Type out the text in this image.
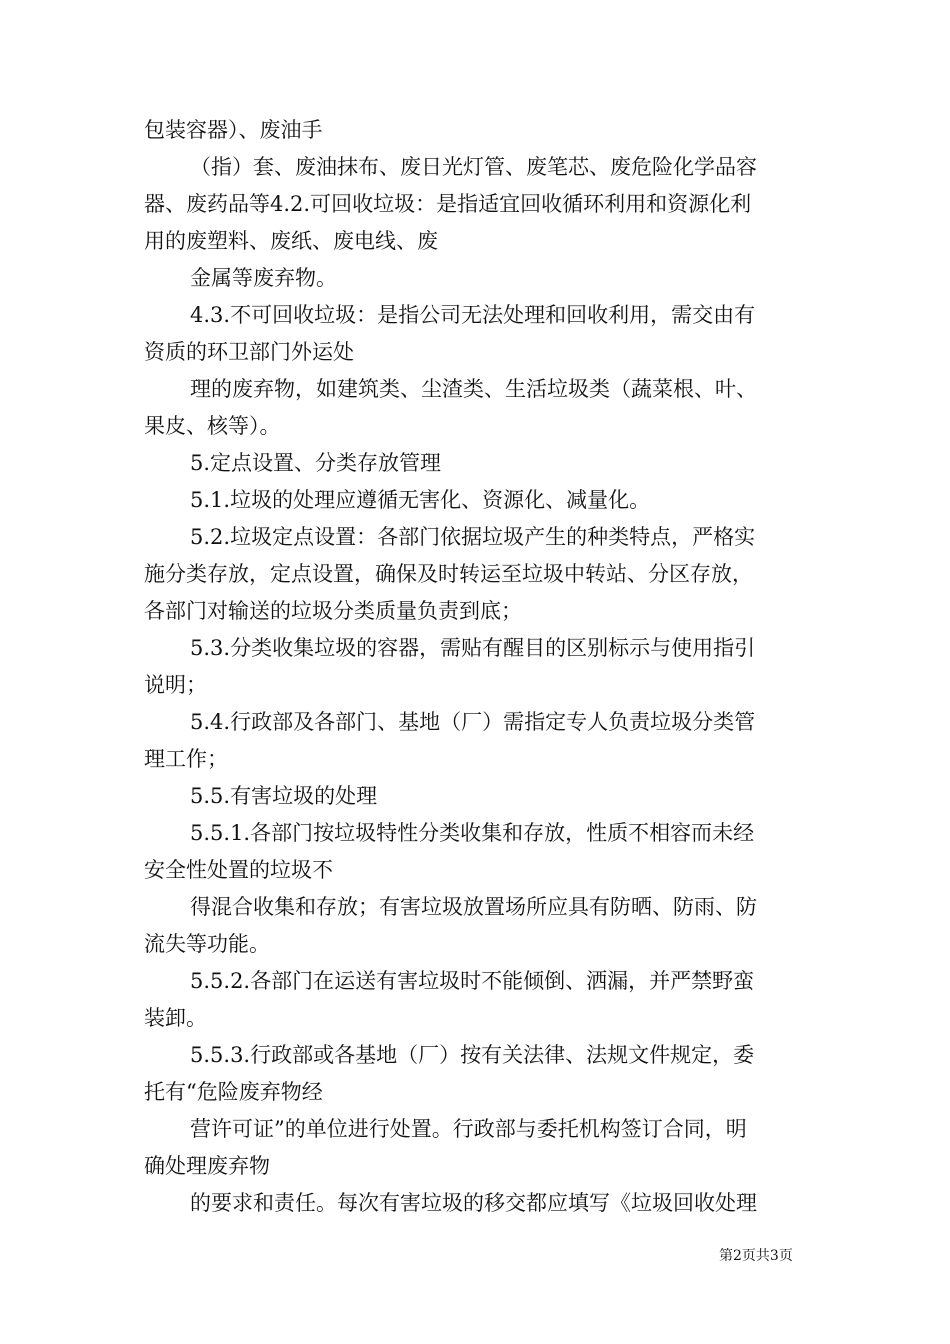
包装容器）、废油手
（指）套、废油抹布、废日光灯管、废笔芯、废危险化学品容
器、废药品等4.2.可回收垃圾：是指适宜回收循环利用和资源化利
用的废塑料、废纸、废电线、废
金属等废弃物。
4.3.不可回收垃圾：是指公司无法处理和回收利用，需交由有
资质的环卫部门外运处
理的废弃物，如建筑类、尘渣类、生活垃圾类（蔬菜根、叶、
果皮、核等）。
5.定点设置、分类存放管理
5.1.垃圾的处理应遵循无害化、资源化、减量化。
5.2.垃圾定点设置：各部门依据垃圾产生的种类特点，严格实
施分类存放，定点设置，确保及时转运至垃圾中转站、分区存放，
各部门对输送的垃圾分类质量负责到底；
5.3.分类收集垃圾的容器，需贴有醒目的区别标示与使用指引
说明；
5.4.行政部及各部门、基地（厂）需指定专人负责垃圾分类管
理工作；
5.5.有害垃圾的处理
5.5.1.各部门按垃圾特性分类收集和存放，性质不相容而未经
安全性处置的垃圾不
得混合收集和存放；有害垃圾放置场所应具有防晒、防雨、防
流失等功能。
5.5.2.各部门在运送有害垃圾时不能倾倒、洒漏，并严禁野蛮
装卸。
5.5.3.行政部或各基地（厂）按有关法律、法规文件规定，委
托有“危险废弃物经
营许可证”的单位进行处置。行政部与委托机构签订合同，明
确处理废弃物
的要求和责任。每次有害垃圾的移交都应填写《垃圾回收处理
第2页共3页
